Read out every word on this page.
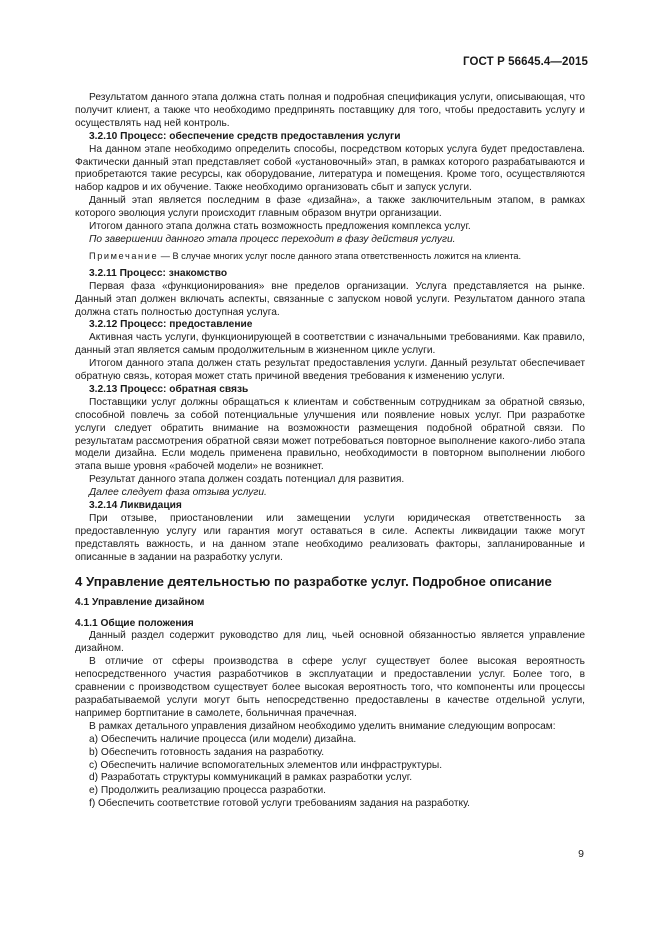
ГОСТ Р 56645.4—2015

Результатом данного этапа должна стать полная и подробная спецификация услуги, описывающая, что получит клиент, а также что необходимо предпринять поставщику для того, чтобы предоставить услугу и осуществлять над ней контроль.

3.2.10 Процесс: обеспечение средств предоставления услуги

На данном этапе необходимо определить способы, посредством которых услуга будет предоставлена. Фактически данный этап представляет собой «установочный» этап, в рамках которого разрабатываются и приобретаются такие ресурсы, как оборудование, литература и помещения. Кроме того, осуществляются набор кадров и их обучение. Также необходимо организовать сбыт и запуск услуги.

Данный этап является последним в фазе «дизайна», а также заключительным этапом, в рамках которого эволюция услуги происходит главным образом внутри организации.

Итогом данного этапа должна стать возможность предложения комплекса услуг.

По завершении данного этапа процесс переходит в фазу действия услуги.

Примечание — В случае многих услуг после данного этапа ответственность ложится на клиента.

3.2.11 Процесс: знакомство

Первая фаза «функционирования» вне пределов организации. Услуга представляется на рынке. Данный этап должен включать аспекты, связанные с запуском новой услуги. Результатом данного этапа должна стать полностью доступная услуга.

3.2.12 Процесс: предоставление

Активная часть услуги, функционирующей в соответствии с изначальными требованиями. Как правило, данный этап является самым продолжительным в жизненном цикле услуги.

Итогом данного этапа должен стать результат предоставления услуги. Данный результат обеспечивает обратную связь, которая может стать причиной введения требования к изменению услуги.

3.2.13 Процесс: обратная связь

Поставщики услуг должны обращаться к клиентам и собственным сотрудникам за обратной связью, способной повлечь за собой потенциальные улучшения или появление новых услуг. При разработке услуги следует обратить внимание на возможности размещения подобной обратной связи. По результатам рассмотрения обратной связи может потребоваться повторное выполнение какого-либо этапа модели дизайна. Если модель применена правильно, необходимости в повторном выполнении любого этапа выше уровня «рабочей модели» не возникнет.

Результат данного этапа должен создать потенциал для развития.

Далее следует фаза отзыва услуги.

3.2.14 Ликвидация

При отзыве, приостановлении или замещении услуги юридическая ответственность за предоставленную услугу или гарантия могут оставаться в силе. Аспекты ликвидации также могут представлять важность, и на данном этапе необходимо реализовать факторы, запланированные и описанные в задании на разработку услуги.

4 Управление деятельностью по разработке услуг. Подробное описание

4.1 Управление дизайном

4.1.1 Общие положения

Данный раздел содержит руководство для лиц, чьей основной обязанностью является управление дизайном.

В отличие от сферы производства в сфере услуг существует более высокая вероятность непосредственного участия разработчиков в эксплуатации и предоставлении услуг. Более того, в сравнении с производством существует более высокая вероятность того, что компоненты или процессы разрабатываемой услуги могут быть непосредственно предоставлены в качестве отдельной услуги, например бортпитание в самолете, больничная прачечная.

В рамках детального управления дизайном необходимо уделить внимание следующим вопросам:

a) Обеспечить наличие процесса (или модели) дизайна.

b) Обеспечить готовность задания на разработку.

c) Обеспечить наличие вспомогательных элементов или инфраструктуры.

d) Разработать структуры коммуникаций в рамках разработки услуг.

e) Продолжить реализацию процесса разработки.

f) Обеспечить соответствие готовой услуги требованиям задания на разработку.

9
